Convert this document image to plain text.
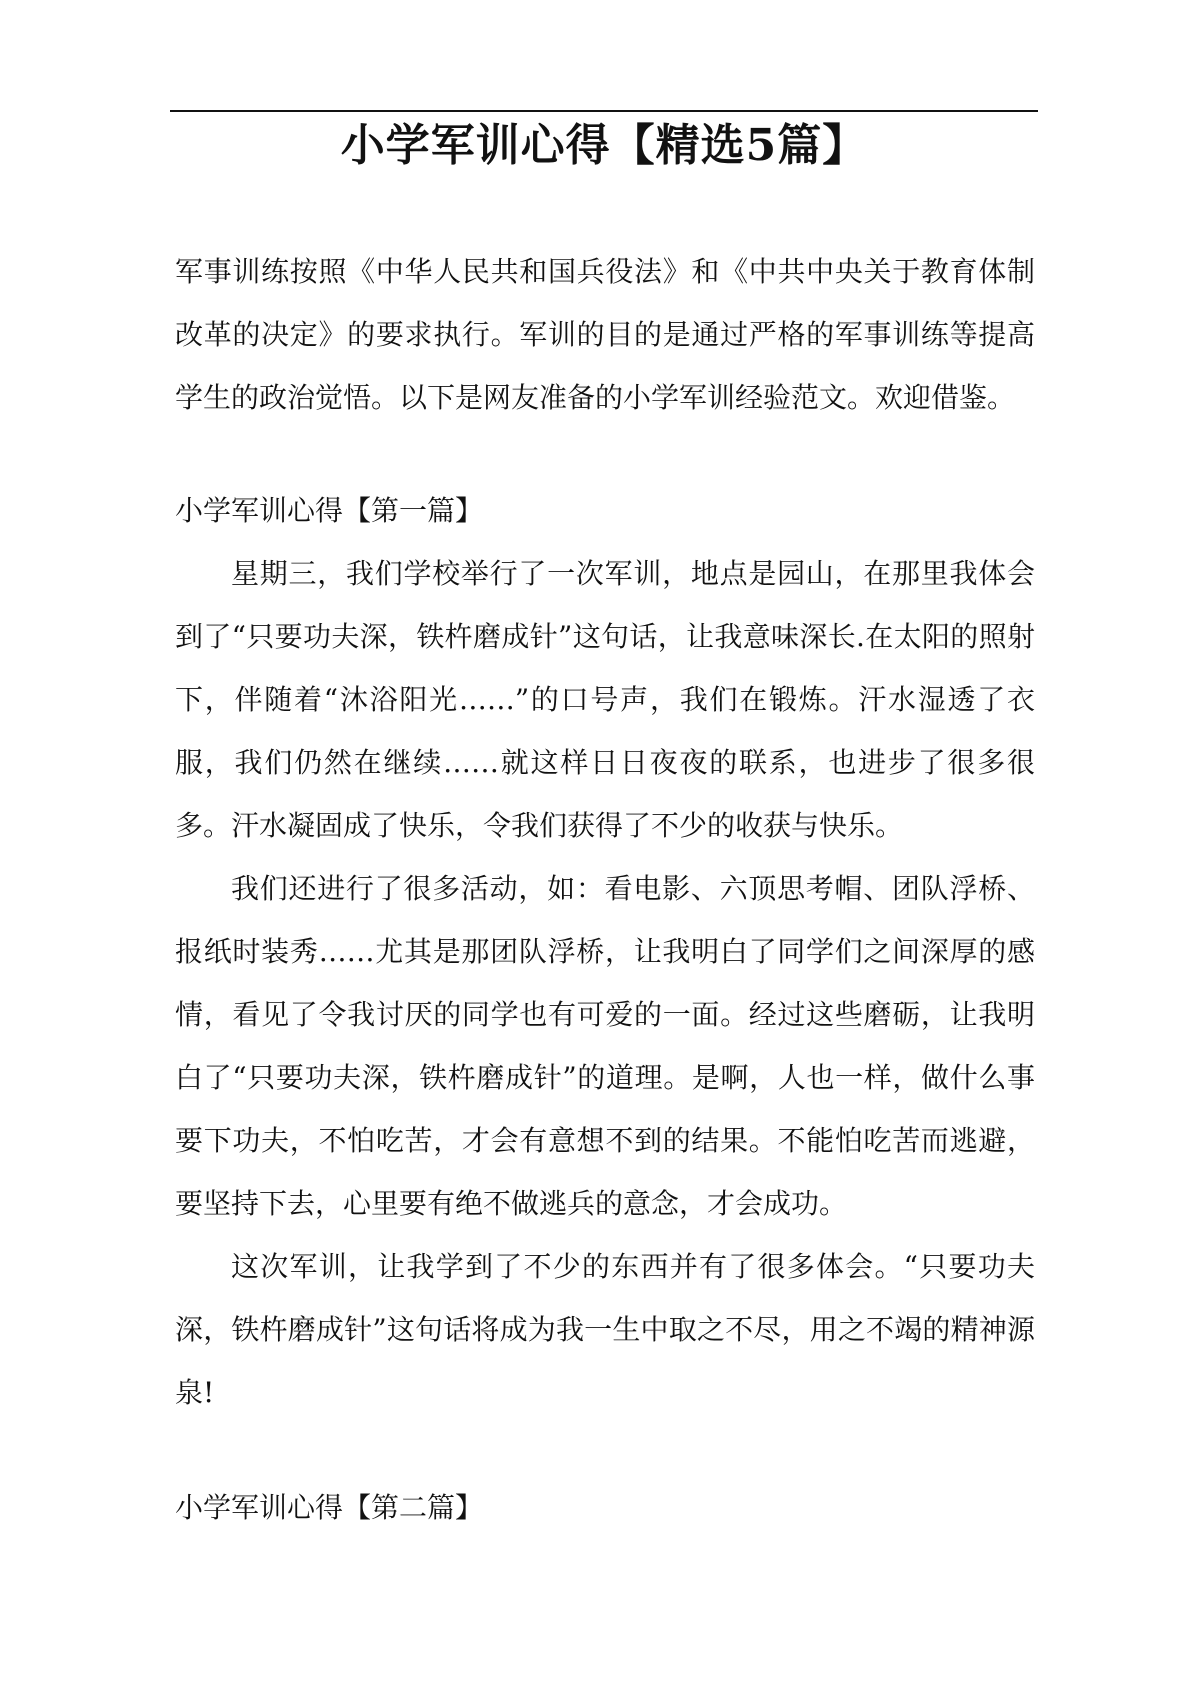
小学军训心得【精选5篇】

军事训练按照《中华人民共和国兵役法》和《中共中央关于教育体制改革的决定》的要求执行。军训的目的是通过严格的军事训练等提高学生的政治觉悟。以下是网友准备的小学军训经验范文。欢迎借鉴。

小学军训心得【第一篇】

星期三，我们学校举行了一次军训，地点是园山，在那里我体会到了“只要功夫深，铁杵磨成针”这句话，让我意味深长.在太阳的照射下，伴随着“沐浴阳光……”的口号声，我们在锻炼。汗水湿透了衣服，我们仍然在继续……就这样日日夜夜的联系，也进步了很多很多。汗水凝固成了快乐，令我们获得了不少的收获与快乐。

我们还进行了很多活动，如：看电影、六顶思考帽、团队浮桥、报纸时装秀……尤其是那团队浮桥，让我明白了同学们之间深厚的感情，看见了令我讨厌的同学也有可爱的一面。经过这些磨砺，让我明白了“只要功夫深，铁杵磨成针”的道理。是啊，人也一样，做什么事要下功夫，不怕吃苦，才会有意想不到的结果。不能怕吃苦而逃避，要坚持下去，心里要有绝不做逃兵的意念，才会成功。

这次军训，让我学到了不少的东西并有了很多体会。“只要功夫深，铁杵磨成针”这句话将成为我一生中取之不尽，用之不竭的精神源泉!

小学军训心得【第二篇】
